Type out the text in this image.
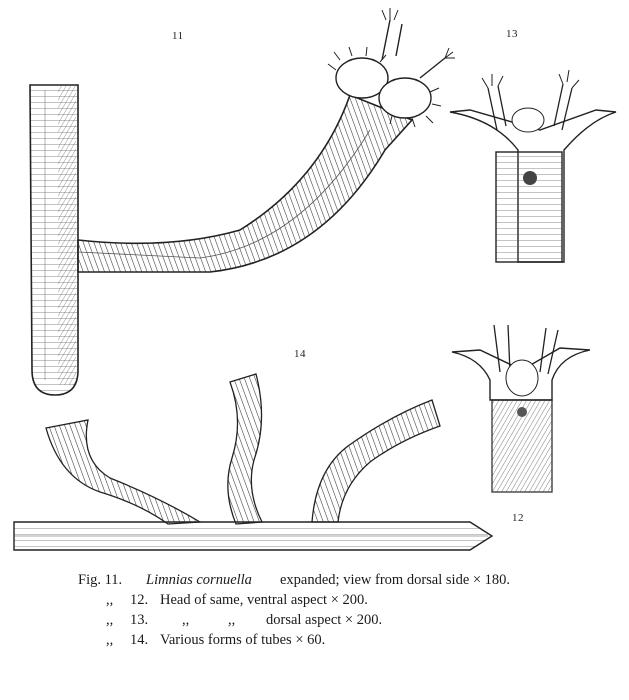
11	13
14
12
Fig. 11. Limnias cornuella expanded; view from dorsal side × 180.
,, 12. Head of same, ventral aspect × 200.
,, 13. ,,	,, dorsal aspect × 200.
,, 14. Various forms of tubes × 60.
